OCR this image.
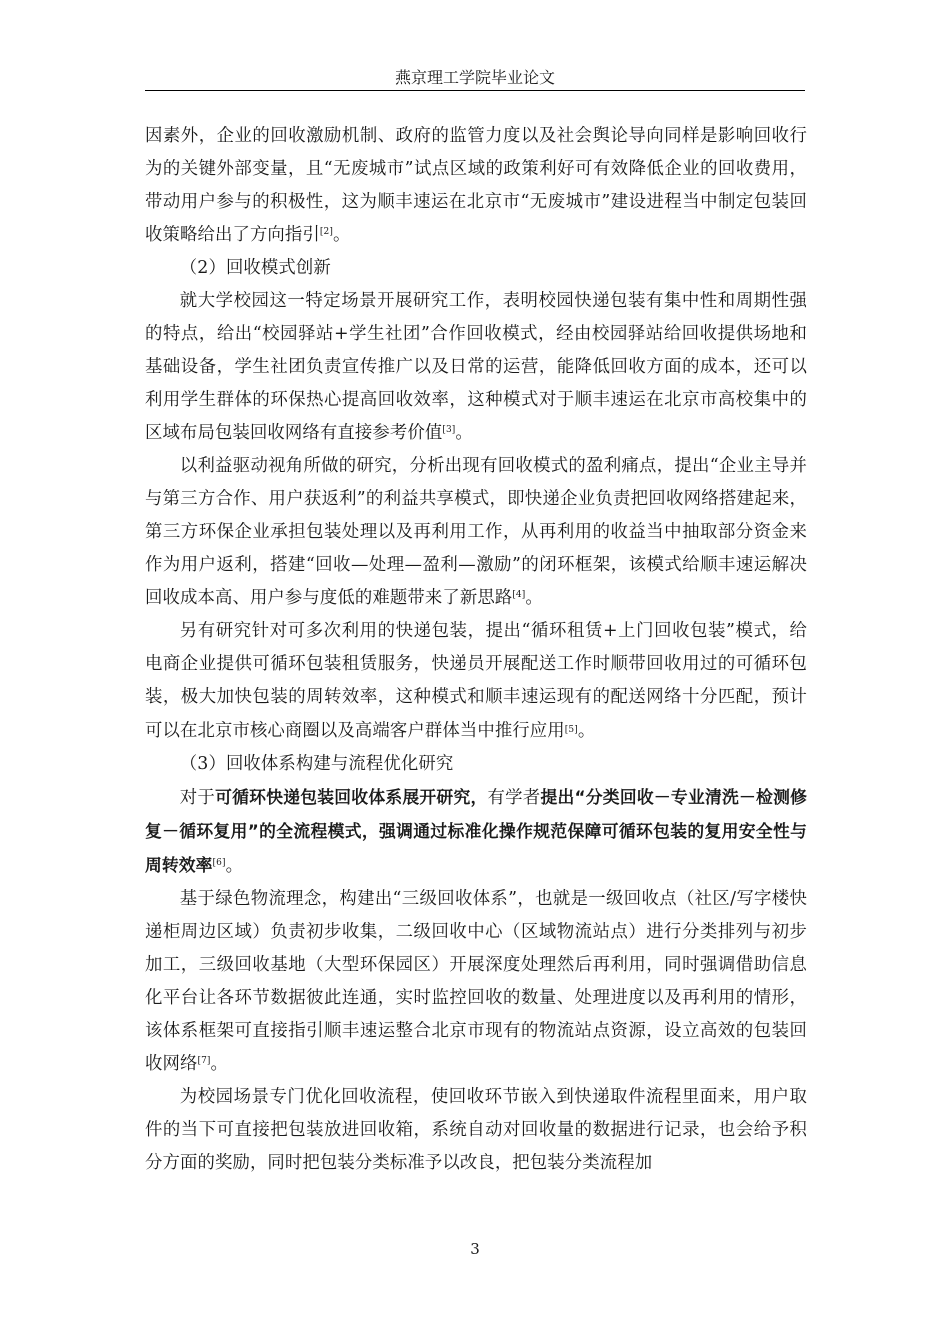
燕京理工学院毕业论文

因素外，企业的回收激励机制、政府的监管力度以及社会舆论导向同样是影响回收行为的关键外部变量，且“无废城市”试点区域的政策利好可有效降低企业的回收费用，带动用户参与的积极性，这为顺丰速运在北京市“无废城市”建设进程当中制定包装回收策略给出了方向指引[2]。

（2）回收模式创新

就大学校园这一特定场景开展研究工作，表明校园快递包装有集中性和周期性强的特点，给出“校园驿站+学生社团”合作回收模式，经由校园驿站给回收提供场地和基础设备，学生社团负责宣传推广以及日常的运营，能降低回收方面的成本，还可以利用学生群体的环保热心提高回收效率，这种模式对于顺丰速运在北京市高校集中的区域布局包装回收网络有直接参考价值[3]。

以利益驱动视角所做的研究，分析出现有回收模式的盈利痛点，提出“企业主导并与第三方合作、用户获返利”的利益共享模式，即快递企业负责把回收网络搭建起来，第三方环保企业承担包装处理以及再利用工作，从再利用的收益当中抽取部分资金来作为用户返利，搭建“回收—处理—盈利—激励”的闭环框架，该模式给顺丰速运解决回收成本高、用户参与度低的难题带来了新思路[4]。

另有研究针对可多次利用的快递包装，提出“循环租赁+上门回收包装”模式，给电商企业提供可循环包装租赁服务，快递员开展配送工作时顺带回收用过的可循环包装，极大加快包装的周转效率，这种模式和顺丰速运现有的配送网络十分匹配，预计可以在北京市核心商圈以及高端客户群体当中推行应用[5]。

（3）回收体系构建与流程优化研究

对于可循环快递包装回收体系展开研究，有学者提出“分类回收－专业清洗－检测修复－循环复用”的全流程模式，强调通过标准化操作规范保障可循环包装的复用安全性与周转效率[6]。

基于绿色物流理念，构建出“三级回收体系”，也就是一级回收点（社区/写字楼快递柜周边区域）负责初步收集，二级回收中心（区域物流站点）进行分类排列与初步加工，三级回收基地（大型环保园区）开展深度处理然后再利用，同时强调借助信息化平台让各环节数据彼此连通，实时监控回收的数量、处理进度以及再利用的情形，该体系框架可直接指引顺丰速运整合北京市现有的物流站点资源，设立高效的包装回收网络[7]。

为校园场景专门优化回收流程，使回收环节嵌入到快递取件流程里面来，用户取件的当下可直接把包装放进回收箱，系统自动对回收量的数据进行记录，也会给予积分方面的奖励，同时把包装分类标准予以改良，把包装分类流程加

3
